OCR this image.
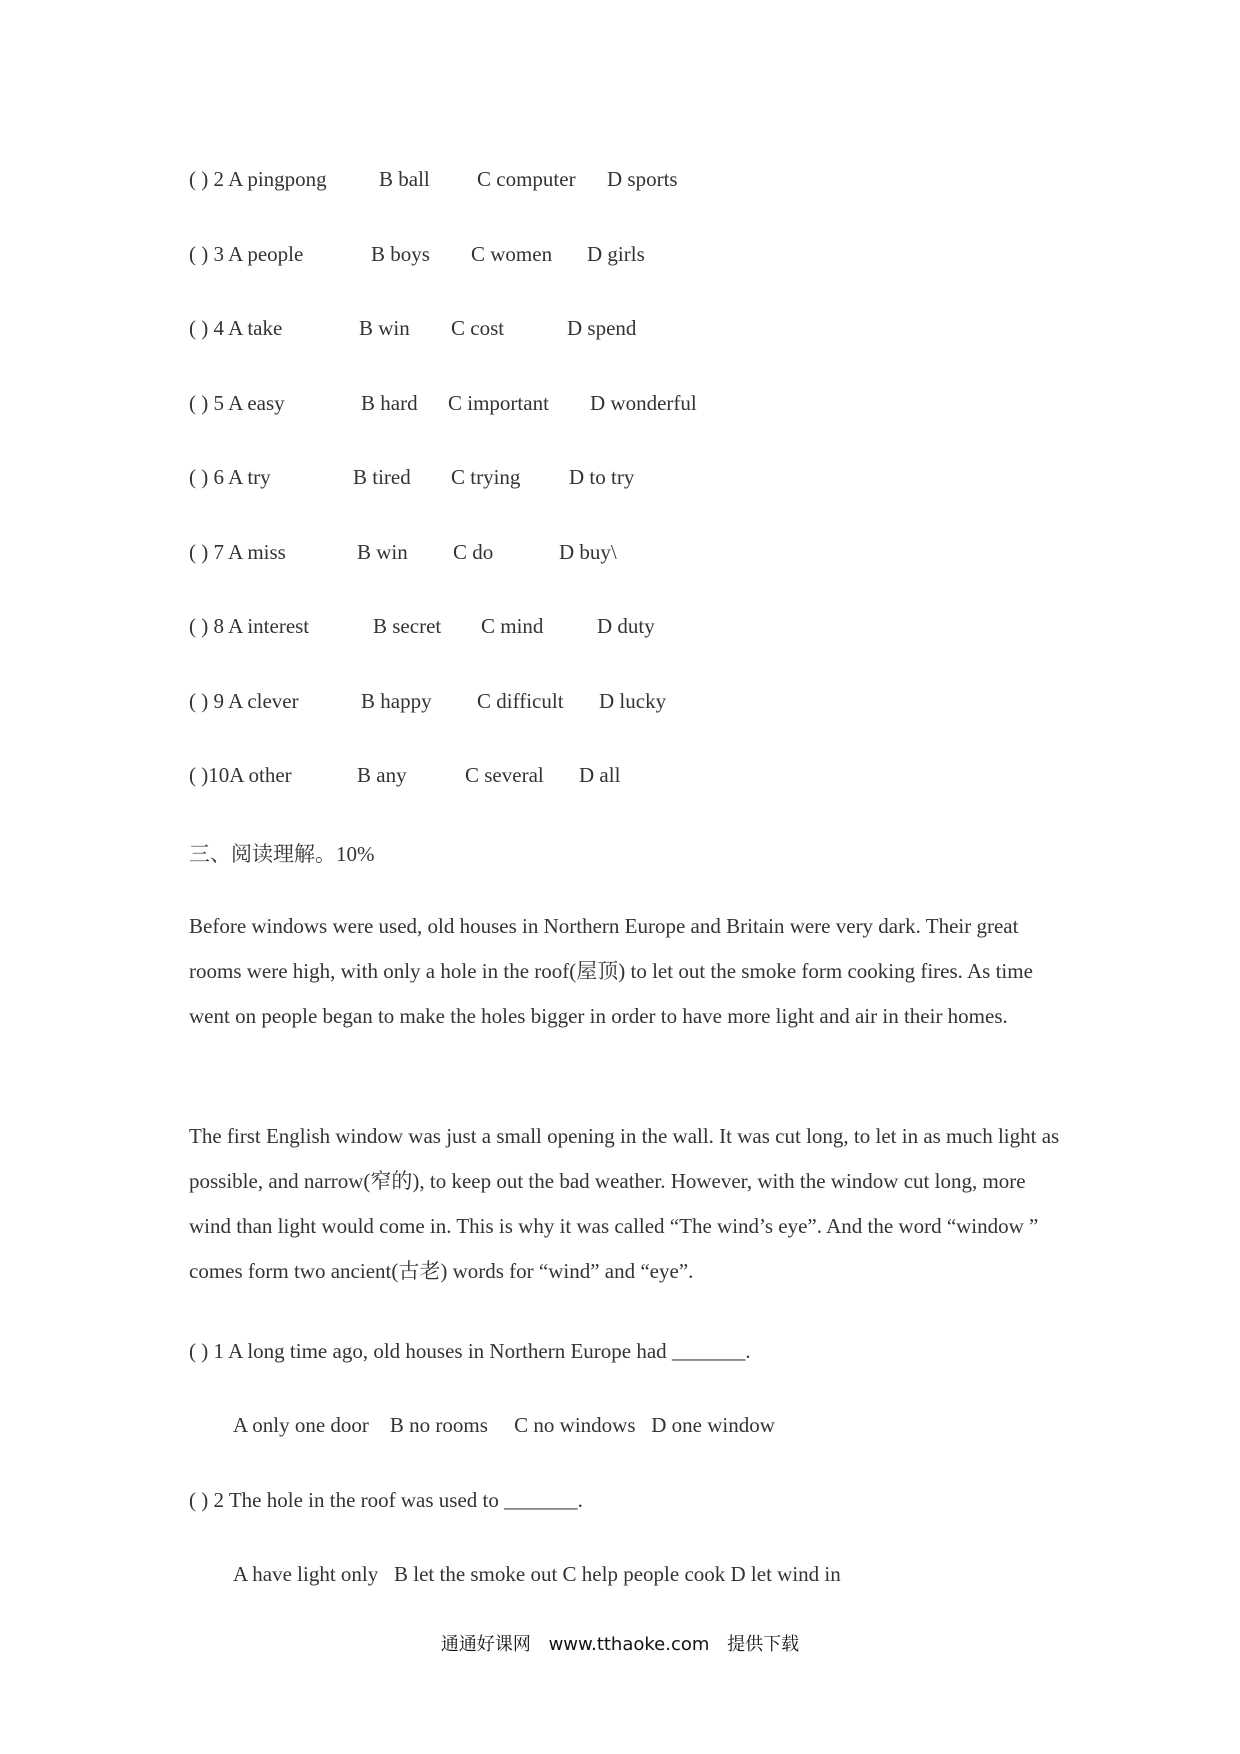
( ) 2 A pingpong B ball C computer D sports
( ) 3 A people	B boys C women D girls
( ) 4 A take	B win C cost	D spend
( ) 5 A easy	B hard C important D wonderful
( ) 6 A try	B tired C trying D to try
( ) 7 A miss	B win C do	D buy\
( ) 8 A interest	B secret C mind	D duty
( ) 9 A clever	B happy C difficult D lucky
( )10A other	B any	C several D all
三、阅读理解。10%

Before windows were used, old houses in Northern Europe and Britain were very dark. Their great rooms were high, with only a hole in the roof(屋顶) to let out the smoke form cooking fires. As time went on people began to make the holes bigger in order to have more light and air in their homes.

The first English window was just a small opening in the wall. It was cut long, to let in as much light as possible, and narrow(窄的), to keep out the bad weather. However, with the window cut long, more wind than light would come in. This is why it was called “The wind’s eye”. And the word “window ” comes form two ancient(古老) words for “wind” and “eye”.

( ) 1 A long time ago, old houses in Northern Europe had _______.
A only one door    B no rooms     C no windows   D one window
( ) 2 The hole in the roof was used to _______.
A have light only   B let the smoke out C help people cook D let wind in
通通好课网 www.tthaoke.com 提供下载
